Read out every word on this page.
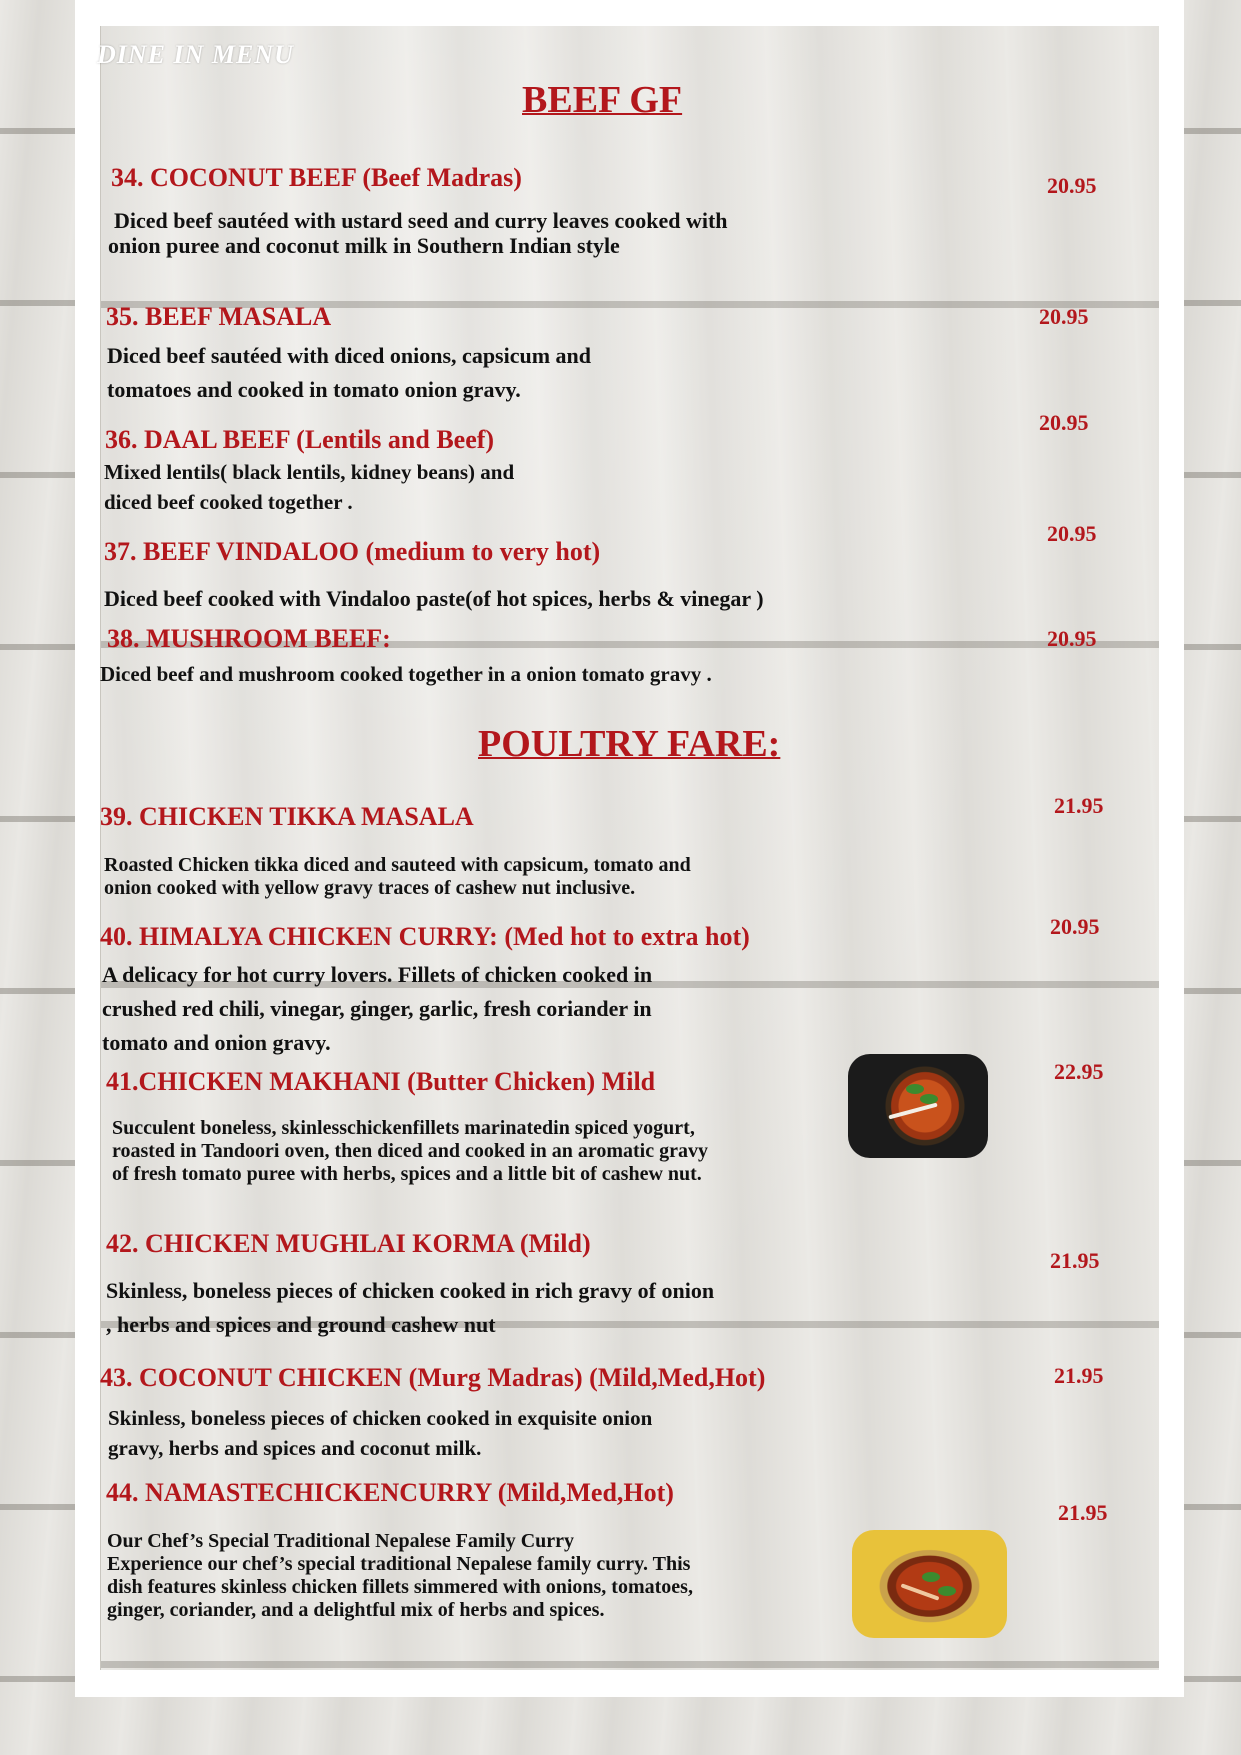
DINE IN MENU
BEEF GF
34. COCONUT BEEF (Beef Madras)	20.95
Diced beef sautéed with ustard seed and curry leaves cooked with
onion puree and coconut milk in Southern Indian style
35. BEEF MASALA	20.95
Diced beef sautéed with diced onions, capsicum and
tomatoes and cooked in tomato onion gravy.
36. DAAL BEEF (Lentils and Beef)
20.95
Mixed lentils( black lentils, kidney beans) and
diced beef cooked together .
37. BEEF VINDALOO (medium to very hot)
20.95
Diced beef cooked with Vindaloo paste(of hot spices, herbs & vinegar )
38. MUSHROOM BEEF:	20.95
Diced beef and mushroom cooked together in a onion tomato gravy .
POULTRY FARE:
39. CHICKEN TIKKA MASALA	21.95
Roasted Chicken tikka diced and sauteed with capsicum, tomato and
onion cooked with yellow gravy traces of cashew nut inclusive.
40. HIMALYA CHICKEN CURRY: (Med hot to extra hot)	20.95
A delicacy for hot curry lovers. Fillets of chicken cooked in
crushed red chili, vinegar, ginger, garlic, fresh coriander in
tomato and onion gravy.
41.CHICKEN MAKHANI (Butter Chicken) Mild	22.95
Succulent boneless, skinlesschickenfillets marinatedin spiced yogurt,
roasted in Tandoori oven, then diced and cooked in an aromatic gravy
of fresh tomato puree with herbs, spices and a little bit of cashew nut.
42. CHICKEN MUGHLAI KORMA (Mild)
21.95
Skinless, boneless pieces of chicken cooked in rich gravy of onion
, herbs and spices and ground cashew nut
43. COCONUT CHICKEN (Murg Madras) (Mild,Med,Hot)	21.95
Skinless, boneless pieces of chicken cooked in exquisite onion
gravy, herbs and spices and coconut milk.
44. NAMASTECHICKENCURRY (Mild,Med,Hot)
21.95
Our Chef’s Special Traditional Nepalese Family Curry
Experience our chef’s special traditional Nepalese family curry. This
dish features skinless chicken fillets simmered with onions, tomatoes,
ginger, coriander, and a delightful mix of herbs and spices.
